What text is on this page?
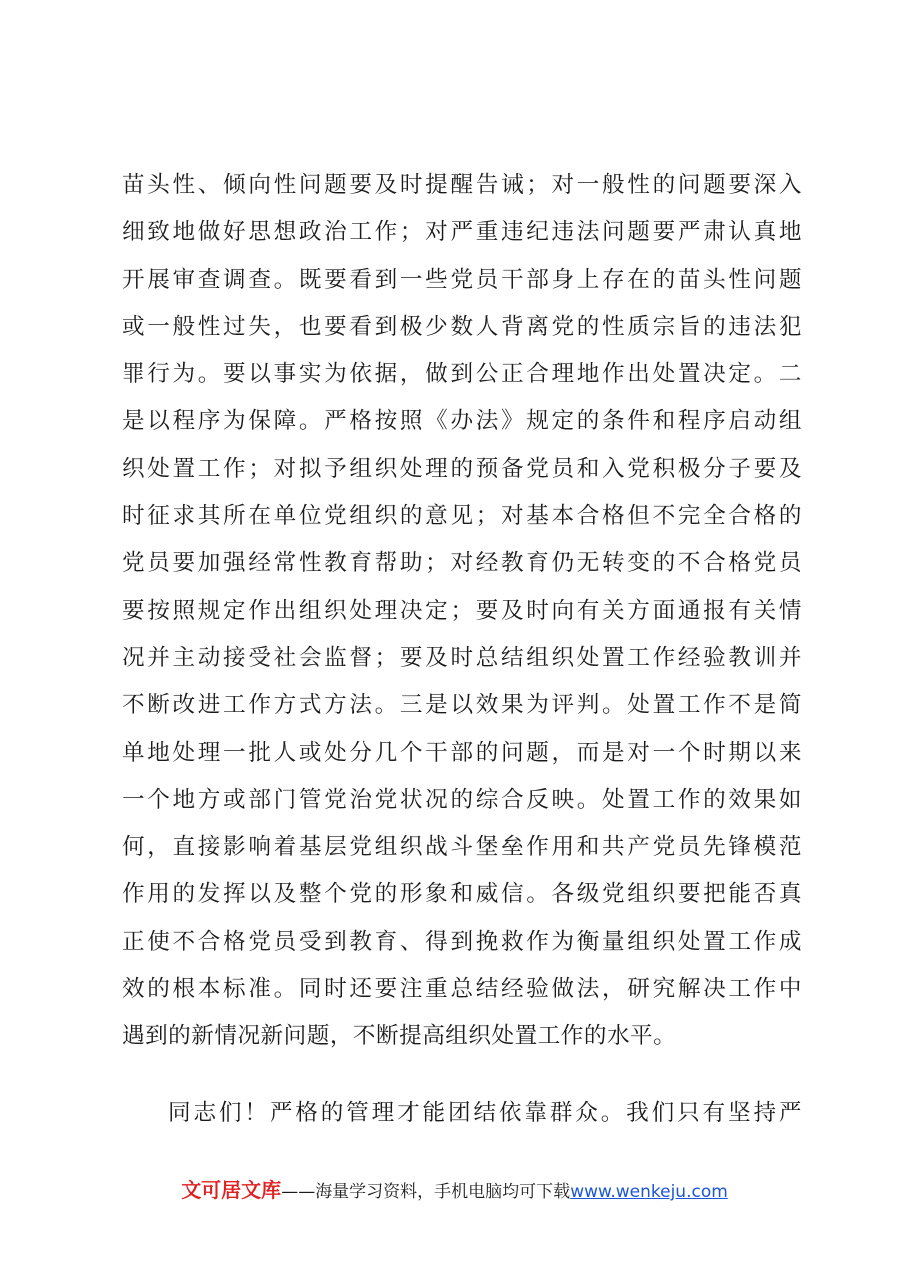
苗头性、倾向性问题要及时提醒告诫；对一般性的问题要深入
细致地做好思想政治工作；对严重违纪违法问题要严肃认真地
开展审查调查。既要看到一些党员干部身上存在的苗头性问题
或一般性过失，也要看到极少数人背离党的性质宗旨的违法犯
罪行为。要以事实为依据，做到公正合理地作出处置决定。二
是以程序为保障。严格按照《办法》规定的条件和程序启动组
织处置工作；对拟予组织处理的预备党员和入党积极分子要及
时征求其所在单位党组织的意见；对基本合格但不完全合格的
党员要加强经常性教育帮助；对经教育仍无转变的不合格党员
要按照规定作出组织处理决定；要及时向有关方面通报有关情
况并主动接受社会监督；要及时总结组织处置工作经验教训并
不断改进工作方式方法。三是以效果为评判。处置工作不是简
单地处理一批人或处分几个干部的问题，而是对一个时期以来
一个地方或部门管党治党状况的综合反映。处置工作的效果如
何，直接影响着基层党组织战斗堡垒作用和共产党员先锋模范
作用的发挥以及整个党的形象和威信。各级党组织要把能否真
正使不合格党员受到教育、得到挽救作为衡量组织处置工作成
效的根本标准。同时还要注重总结经验做法，研究解决工作中
遇到的新情况新问题，不断提高组织处置工作的水平。
同志们！严格的管理才能团结依靠群众。我们只有坚持严
文可居文库——海量学习资料，手机电脑均可下载www.wenkeju.com
